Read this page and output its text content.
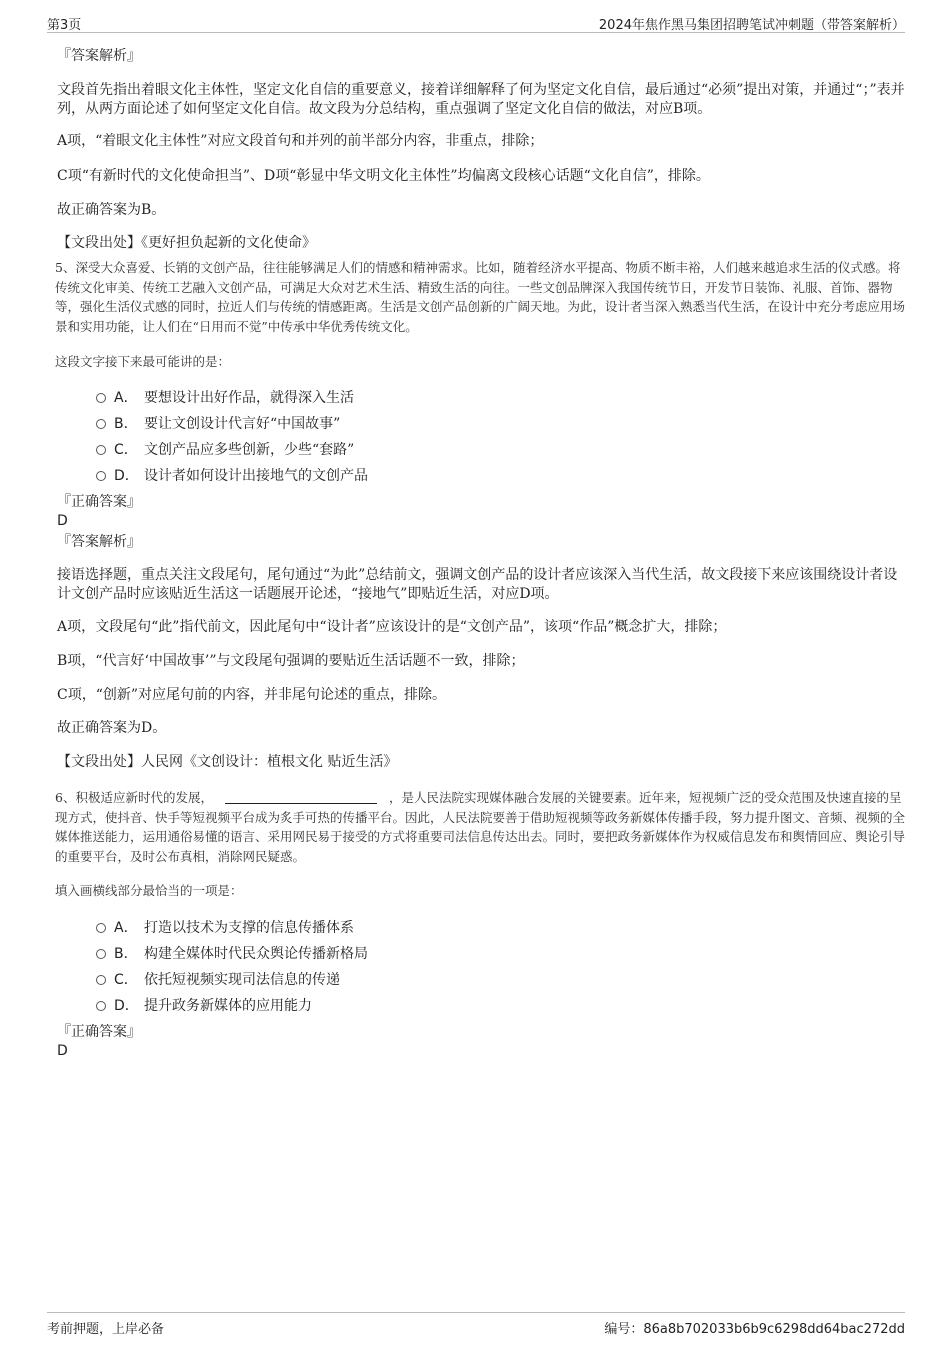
第3页	2024年焦作黑马集团招聘笔试冲刺题（带答案解析）

『答案解析』

文段首先指出着眼文化主体性，坚定文化自信的重要意义，接着详细解释了何为坚定文化自信，最后通过“必须”提出对策，并通过“；”表并列，从两方面论述了如何坚定文化自信。故文段为分总结构，重点强调了坚定文化自信的做法，对应B项。

A项，“着眼文化主体性”对应文段首句和并列的前半部分内容，非重点，排除；

C项“有新时代的文化使命担当”、D项“彰显中华文明文化主体性”均偏离文段核心话题“文化自信”，排除。

故正确答案为B。

【文段出处】《更好担负起新的文化使命》

5、深受大众喜爱、长销的文创产品，往往能够满足人们的情感和精神需求。比如，随着经济水平提高、物质不断丰裕，人们越来越追求生活的仪式感。将传统文化审美、传统工艺融入文创产品，可满足大众对艺术生活、精致生活的向往。一些文创品牌深入我国传统节日，开发节日装饰、礼服、首饰、器物等，强化生活仪式感的同时，拉近人们与传统的情感距离。生活是文创产品创新的广阔天地。为此，设计者当深入熟悉当代生活，在设计中充分考虑应用场景和实用功能，让人们在“日用而不觉”中传承中华优秀传统文化。

这段文字接下来最可能讲的是：

A． 要想设计出好作品，就得深入生活
B． 要让文创设计代言好“中国故事”
C． 文创产品应多些创新，少些“套路”
D． 设计者如何设计出接地气的文创产品

『正确答案』

D

『答案解析』

接语选择题，重点关注文段尾句，尾句通过“为此”总结前文，强调文创产品的设计者应该深入当代生活，故文段接下来应该围绕设计者设计文创产品时应该贴近生活这一话题展开论述，“接地气”即贴近生活，对应D项。

A项，文段尾句“此”指代前文，因此尾句中“设计者”应该设计的是“文创产品”，该项“作品”概念扩大，排除；

B项，“代言好‘中国故事’”与文段尾句强调的要贴近生活话题不一致，排除；

C项，“创新”对应尾句前的内容，并非尾句论述的重点，排除。

故正确答案为D。

【文段出处】人民网《文创设计：植根文化 贴近生活》

6、积极适应新时代的发展，	，是人民法院实现媒体融合发展的关键要素。近年来，短视频广泛的受众范围及快速直接的呈现方式，使抖音、快手等短视频平台成为炙手可热的传播平台。因此，人民法院要善于借助短视频等政务新媒体传播手段，努力提升图文、音频、视频的全媒体推送能力，运用通俗易懂的语言、采用网民易于接受的方式将重要司法信息传达出去。同时，要把政务新媒体作为权威信息发布和舆情回应、舆论引导的重要平台，及时公布真相，消除网民疑惑。

填入画横线部分最恰当的一项是：

A． 打造以技术为支撑的信息传播体系
B． 构建全媒体时代民众舆论传播新格局
C． 依托短视频实现司法信息的传递
D． 提升政务新媒体的应用能力

『正确答案』

D

考前押题，上岸必备	编号：86a8b702033b6b9c6298dd64bac272dd
